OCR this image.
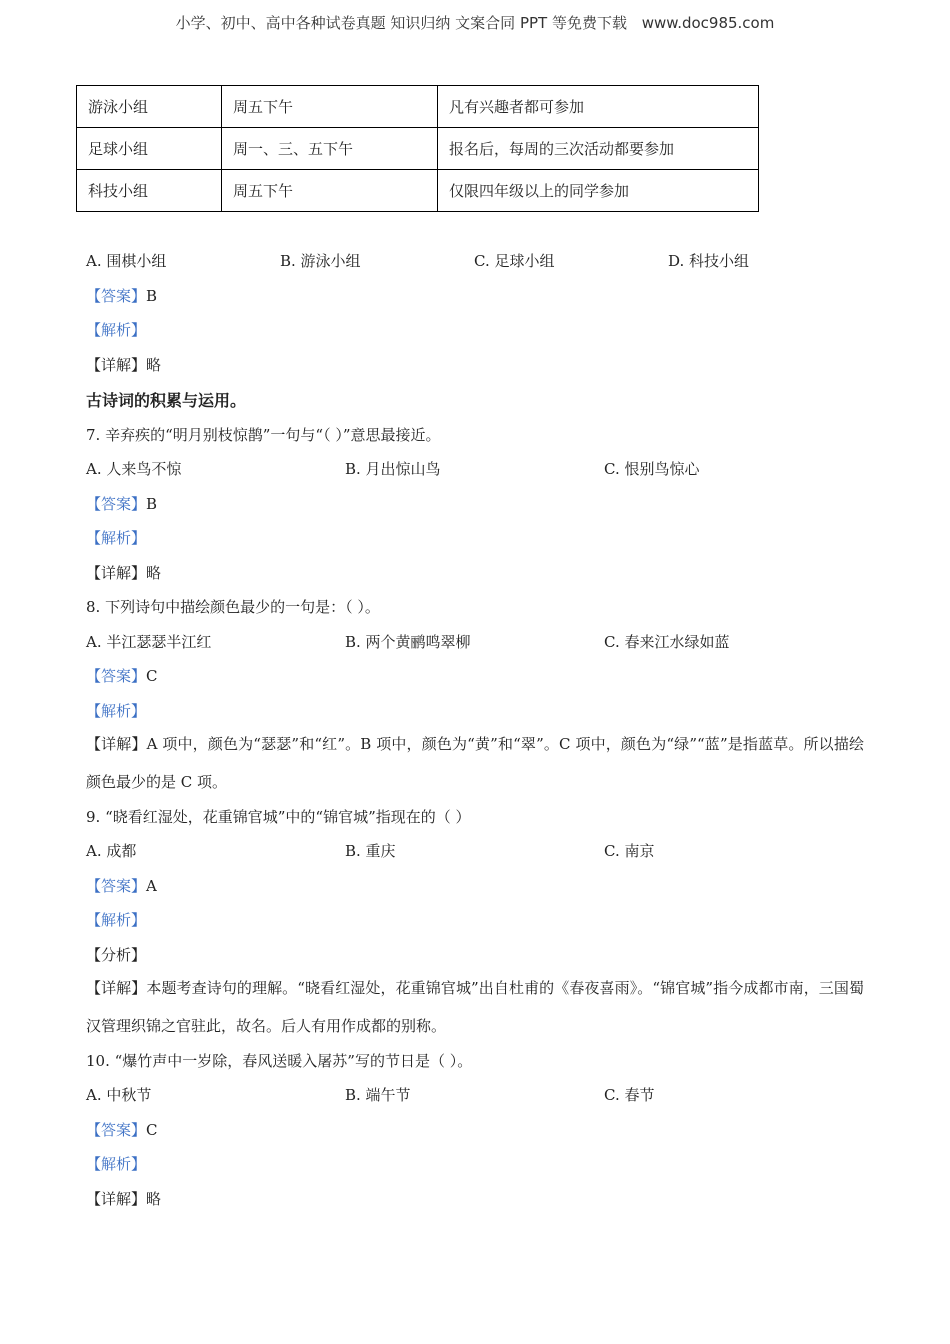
小学、初中、高中各种试卷真题 知识归纳 文案合同 PPT 等免费下载 www.doc985.com
游泳小组	周五下午	凡有兴趣者都可参加
足球小组	周一、三、五下午	报名后，每周的三次活动都要参加
科技小组	周五下午	仅限四年级以上的同学参加
A. 围棋小组	B. 游泳小组	C. 足球小组	D. 科技小组
【答案】B
【解析】
【详解】略
古诗词的积累与运用。
7. 辛弃疾的“明月别枝惊鹊”一句与“（ ）”意思最接近。
A. 人来鸟不惊	B. 月出惊山鸟	C. 恨别鸟惊心
【答案】B
【解析】
【详解】略
8. 下列诗句中描绘颜色最少的一句是：（ ）。
A. 半江瑟瑟半江红	B. 两个黄鹂鸣翠柳	C. 春来江水绿如蓝
【答案】C
【解析】
【详解】A 项中，颜色为“瑟瑟”和“红”。B 项中，颜色为“黄”和“翠”。C 项中，颜色为“绿”“蓝”是指蓝草。所以描绘颜色最少的是 C 项。
9. “晓看红湿处，花重锦官城”中的“锦官城”指现在的（ ）
A. 成都	B. 重庆	C. 南京
【答案】A
【解析】
【分析】
【详解】本题考查诗句的理解。“晓看红湿处，花重锦官城”出自杜甫的《春夜喜雨》。“锦官城”指今成都市南，三国蜀汉管理织锦之官驻此，故名。后人有用作成都的别称。
10. “爆竹声中一岁除，春风送暖入屠苏”写的节日是（ ）。
A. 中秋节	B. 端午节	C. 春节
【答案】C
【解析】
【详解】略
